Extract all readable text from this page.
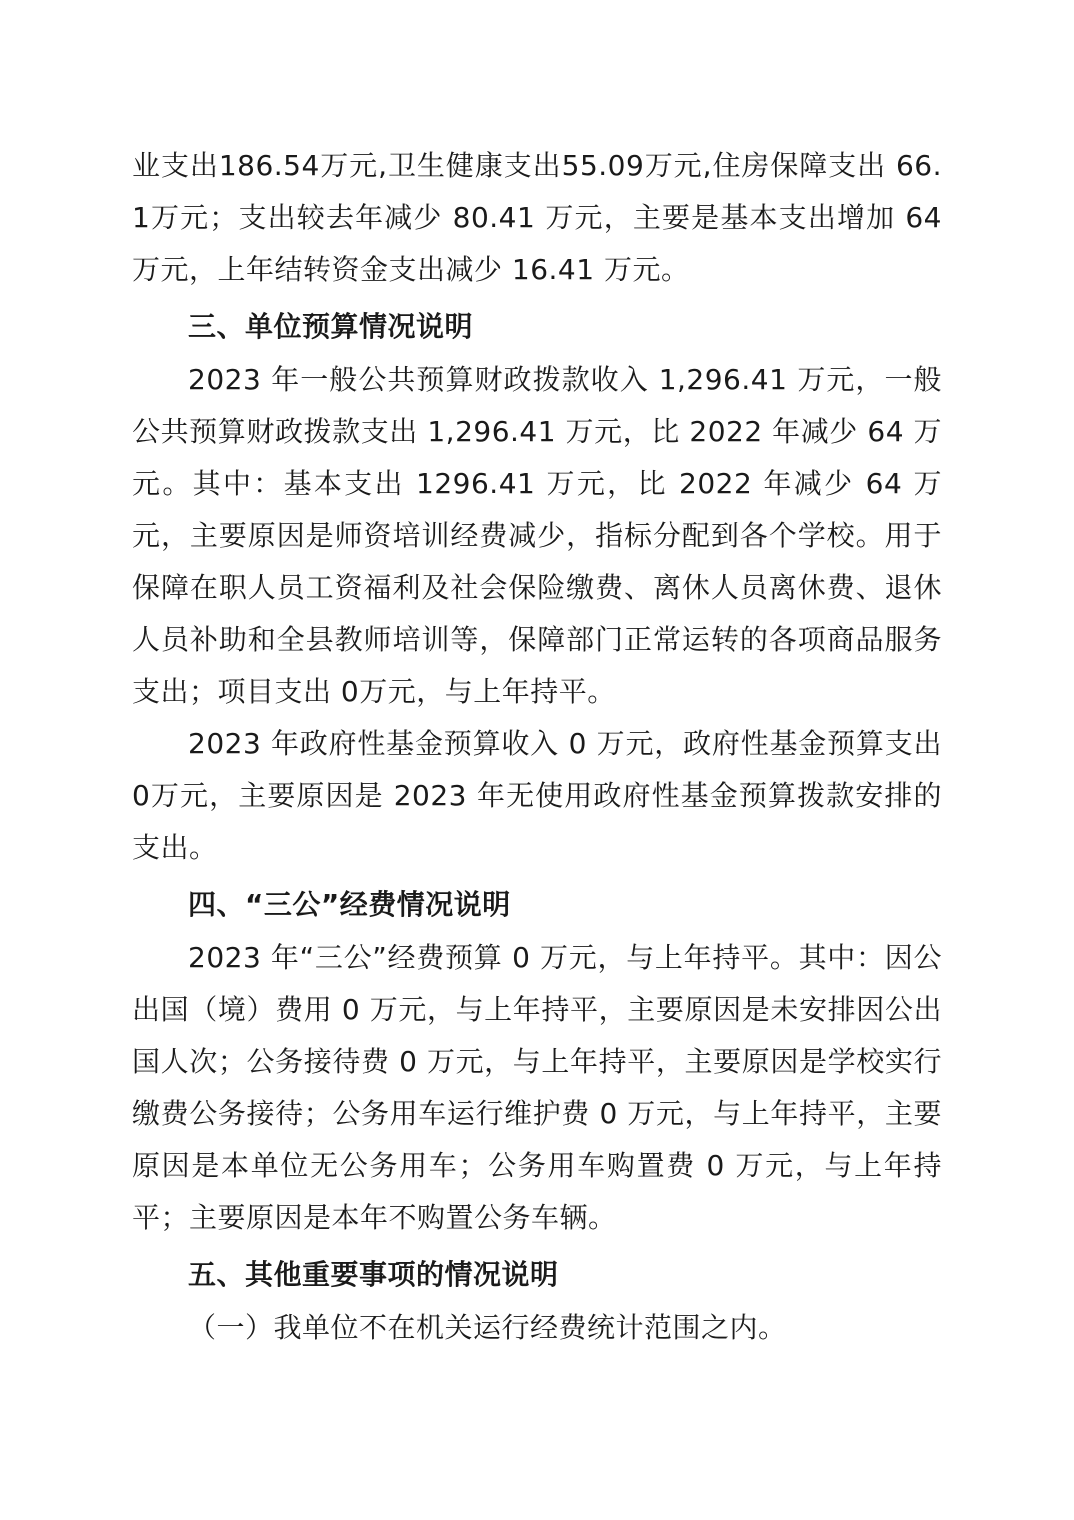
业支出186.54万元,卫生健康支出55.09万元,住房保障支出 66.1万元；支出较去年减少 80.41 万元，主要是基本支出增加 64 万元，上年结转资金支出减少 16.41 万元。

三、单位预算情况说明

2023 年一般公共预算财政拨款收入 1,296.41 万元，一般公共预算财政拨款支出 1,296.41 万元，比 2022 年减少 64 万元。其中：基本支出 1296.41 万元，比 2022 年减少 64 万元，主要原因是师资培训经费减少，指标分配到各个学校。用于保障在职人员工资福利及社会保险缴费、离休人员离休费、退休人员补助和全县教师培训等，保障部门正常运转的各项商品服务支出；项目支出 0万元，与上年持平。

2023 年政府性基金预算收入 0 万元，政府性基金预算支出 0万元，主要原因是 2023 年无使用政府性基金预算拨款安排的支出。

四、“三公”经费情况说明

2023 年“三公”经费预算 0 万元，与上年持平。其中：因公出国（境）费用 0 万元，与上年持平，主要原因是未安排因公出国人次；公务接待费 0 万元，与上年持平，主要原因是学校实行缴费公务接待；公务用车运行维护费 0 万元，与上年持平，主要原因是本单位无公务用车；公务用车购置费 0 万元，与上年持平；主要原因是本年不购置公务车辆。

五、其他重要事项的情况说明

（一）我单位不在机关运行经费统计范围之内。
